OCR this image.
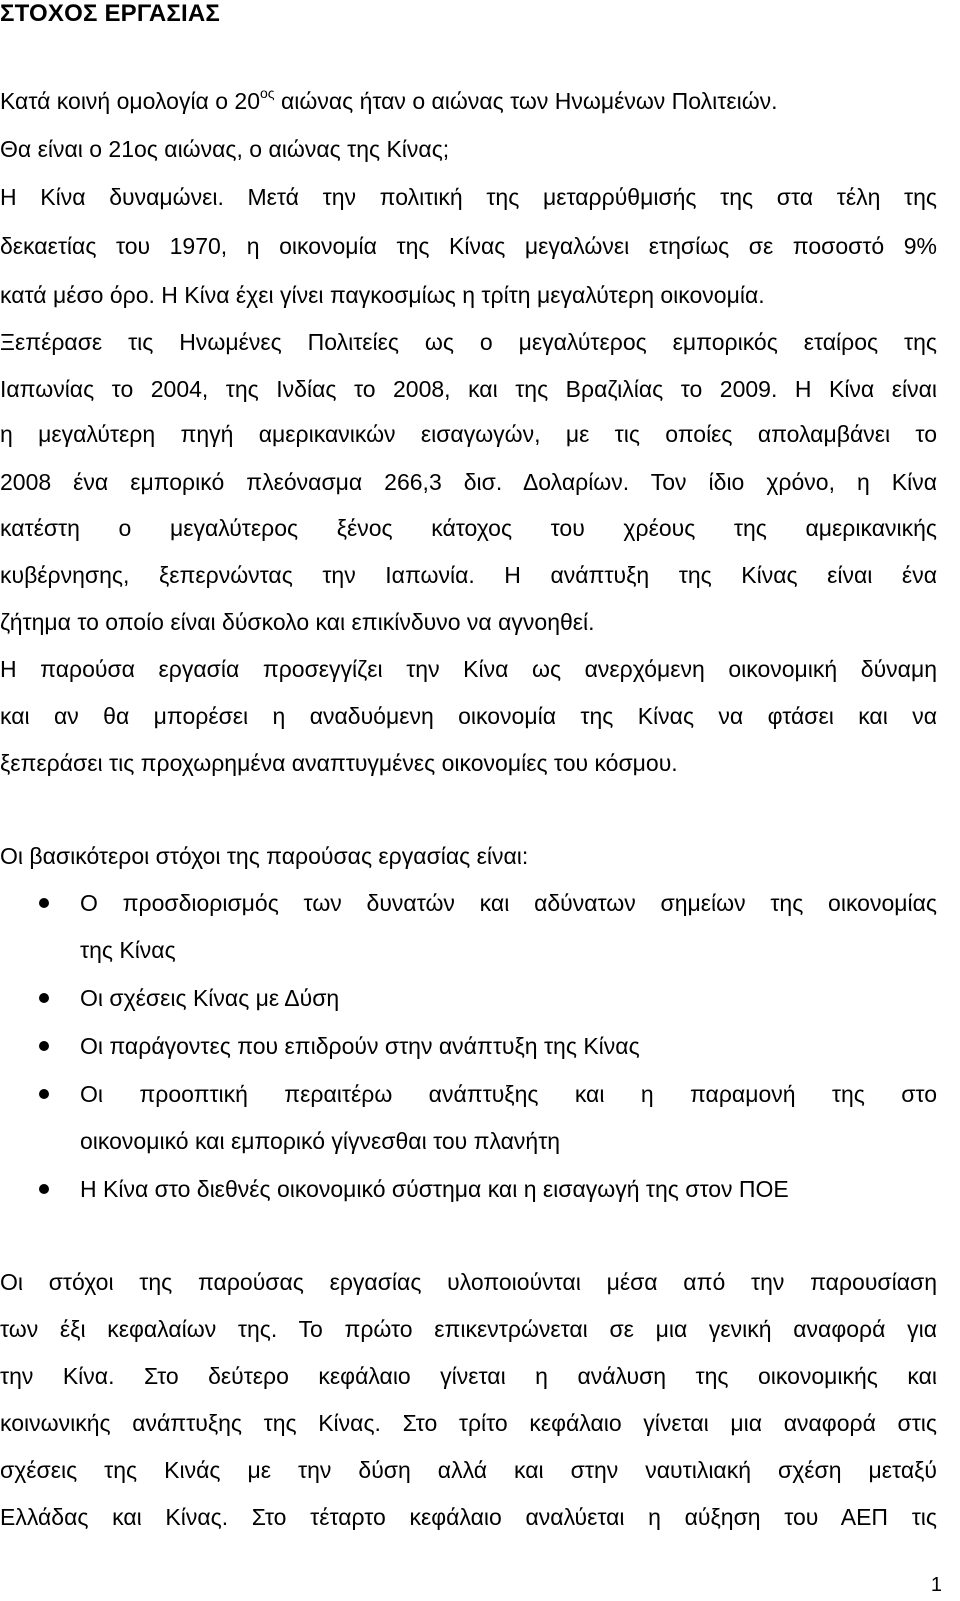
ΣΤΟΧΟΣ ΕΡΓΑΣΙΑΣ
Κατά κοινή ομολογία ο $20^{o\varsigma}$ αιώνας ήταν ο αιώνας των Ηνωμένων Πολιτειών.
Θα είναι ο 21ος αιώνας, ο αιώνας της Κίνας;
Η Κίνα δυναμώνει. Μετά την πολιτική της μεταρρύθμισής της στα τέλη της
δεκαετίας του 1970, η οικονομία της Κίνας μεγαλώνει ετησίως σε ποσοστό 9%
κατά μέσο όρο. Η Κίνα έχει γίνει παγκοσμίως η τρίτη μεγαλύτερη οικονομία.
Ξεπέρασε τις Ηνωμένες Πολιτείες ως ο μεγαλύτερος εμπορικός εταίρος της
Ιαπωνίας το 2004, της Ινδίας το 2008, και της Βραζιλίας το 2009. Η Κίνα είναι
η μεγαλύτερη πηγή αμερικανικών εισαγωγών, με τις οποίες απολαμβάνει το
2008 ένα εμπορικό πλεόνασμα 266,3 δισ. Δολαρίων. Τον ίδιο χρόνο, η Κίνα
κατέστη ο μεγαλύτερος ξένος κάτοχος του χρέους της αμερικανικής
κυβέρνησης, ξεπερνώντας την Ιαπωνία. Η ανάπτυξη της Κίνας είναι ένα
ζήτημα το οποίο είναι δύσκολο και επικίνδυνο να αγνοηθεί.
Η παρούσα εργασία προσεγγίζει την Κίνα ως ανερχόμενη οικονομική δύναμη
και αν θα μπορέσει η αναδυόμενη οικονομία της Κίνας να φτάσει και να
ξεπεράσει τις προχωρημένα αναπτυγμένες οικονομίες του κόσμου.
Οι βασικότεροι στόχοι της παρούσας εργασίας είναι:
Ο προσδιορισμός των δυνατών και αδύνατων σημείων της οικονομίας
της Κίνας
Οι σχέσεις Κίνας με Δύση
Οι παράγοντες που επιδρούν στην ανάπτυξη της Κίνας
Οι προοπτική περαιτέρω ανάπτυξης και η παραμονή της στο
οικονομικό και εμπορικό γίγνεσθαι του πλανήτη
Η Κίνα στο διεθνές οικονομικό σύστημα και η εισαγωγή της στον ΠΟΕ
Οι στόχοι της παρούσας εργασίας υλοποιούνται μέσα από την παρουσίαση
των έξι κεφαλαίων της. Το πρώτο επικεντρώνεται σε μια γενική αναφορά για
την Κίνα. Στο δεύτερο κεφάλαιο γίνεται η ανάλυση της οικονομικής και
κοινωνικής ανάπτυξης της Κίνας. Στο τρίτο κεφάλαιο γίνεται μια αναφορά στις
σχέσεις της Κινάς με την δύση αλλά και στην ναυτιλιακή σχέση μεταξύ
Ελλάδας και Κίνας. Στο τέταρτο κεφάλαιο αναλύεται η αύξηση του ΑΕΠ τις
1
